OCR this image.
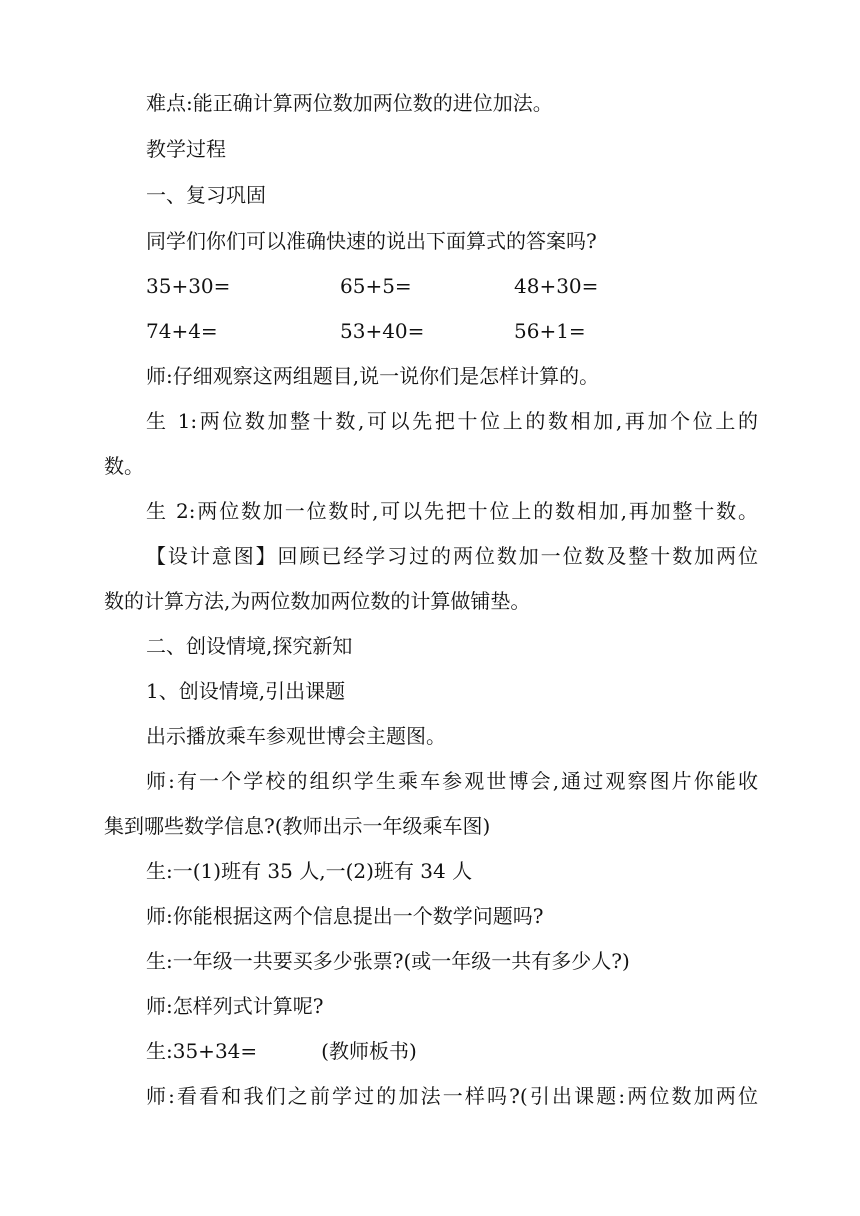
难点:能正确计算两位数加两位数的进位加法。
教学过程
一、复习巩固
同学们你们可以准确快速的说出下面算式的答案吗?
35+30=	65+5=	48+30=
74+4=	53+40=	56+1=
师:仔细观察这两组题目,说一说你们是怎样计算的。
生 1:两位数加整十数,可以先把十位上的数相加,再加个位上的
数。
生 2:两位数加一位数时,可以先把十位上的数相加,再加整十数。
【设计意图】回顾已经学习过的两位数加一位数及整十数加两位
数的计算方法,为两位数加两位数的计算做铺垫。
二、创设情境,探究新知
1、创设情境,引出课题
出示播放乘车参观世博会主题图。
师:有一个学校的组织学生乘车参观世博会,通过观察图片你能收
集到哪些数学信息?(教师出示一年级乘车图)
生:一(1)班有 35 人,一(2)班有 34 人
师:你能根据这两个信息提出一个数学问题吗?
生:一年级一共要买多少张票?(或一年级一共有多少人?)
师:怎样列式计算呢?
生:35+34=	(教师板书)
师:看看和我们之前学过的加法一样吗?(引出课题:两位数加两位
